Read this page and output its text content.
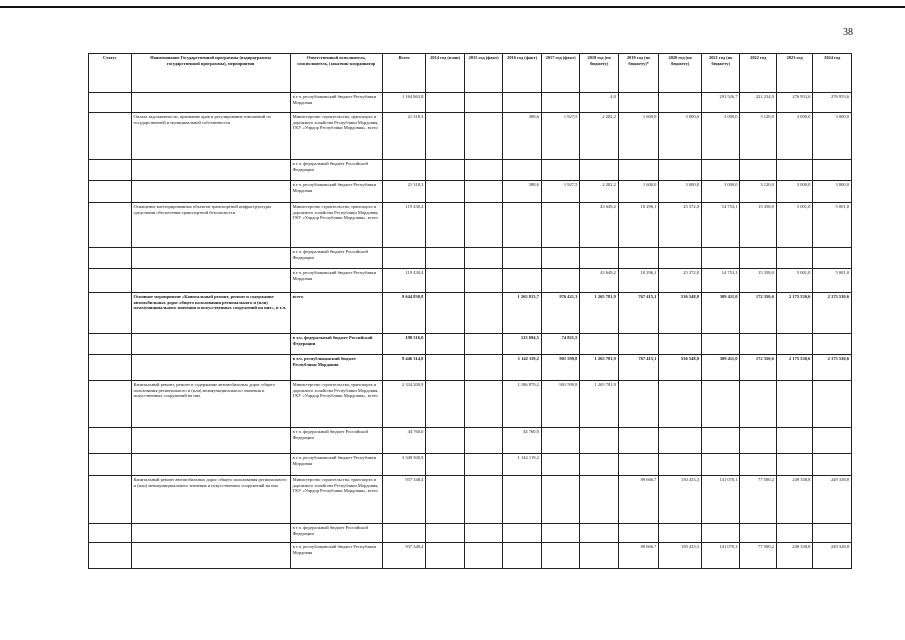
38
Статус	Наименование Государственной программы (подпрограммы государственной программы), мероприятия	Ответственный исполнитель, соисполнитель, (заказчик-координатор	Всего	2014 год (план)	2015 год (факт)	2016 год (факт)	2017 год (факт)	2018 год (по бюджету)	2019 год (по бюджету)*	2020 год (по бюджету)	2021 год (по бюджету)	2022 год	2023 год	2024 год
		в т.ч. республиканский бюджет Республики Мордовия	1 164 863,8					4,0			291 526,7	221 234,9	276 953,6	276 953,6
	Оплата задолженности, признание прав и регулирование отношений по государственной и муниципальной собственности	Министерство строительства, транспорта и дорожного хозяйства Республики Мордовия, ГКУ «Упрдор Республики Мордовия», всего	21 318,3			388,6	1 927,5	2 282,2	1 600,0	3 000,0	3 000,0	3 120,0	3 000,0	3 000,0
		в т.ч. федеральный бюджет Российской Федерации												
		в т.ч. республиканский бюджет Республики Мордовия	21 318,3			388,6	1 927,5	2 282,2	1 600,0	3 000,0	3 000,0	3 120,0	3 000,0	3 000,0
	Оснащение категорированных объектов транспортной инфраструктуры средствами обеспечения транспортной безопасности	Министерство строительства, транспорта и дорожного хозяйства Республики Мордовия, ГКУ «Упрдор Республики Мордовия», всего	119 430,4					43 649,2	10 296,1	25 372,0	14 753,1	15 358,0	5 001,0	5 001,0
		в т.ч. федеральный бюджет Российской Федерации												
		в т.ч. республиканский бюджет Республики Мордовия	119 430,4					43 649,2	10 296,1	25 372,0	14 753,1	15 358,0	5 001,0	5 001,0
	Основное мероприятие «Капитальный ремонт, ремонт и содержание автомобильных дорог общего пользования регионального и (или) межмуниципального значения и искусственных сооружений на них», в т.ч.	всего	9 644 830,8			1 265 813,7	976 421,3	1 265 781,9	767 415,1	536 548,0	309 411,0	172 350,6	2 175 530,6	2 175 530,6
		в т.ч. федеральный бюджет Российской Федерации	198 516,0			123 694,5	74 821,5							
		в т.ч. республиканский бюджет Республики Мордовия	9 446 314,8			1 142 119,2	901 599,8	1 265 781,9	767 415,1	536 548,0	309 411,0	172 350,6	2 175 530,6	2 175 530,6
	Капитальный ремонт, ремонт и содержание автомобильных дорог общего пользования регионального и (или) межмуниципального значения и искусственных сооружений на них	Министерство строительства, транспорта и дорожного хозяйства Республики Мордовия, ГКУ «Упрдор Республики Мордовия», всего	2 334 200,9			1 186 879,2	901 599,8	1 265 781,9						
		в т.ч. федеральный бюджет Российской Федерации	44 760,0			44 760,0								
		в т.ч. республиканский бюджет Республики Мордовия	3 349 500,9			1 142 119,2								
	Капитальный ремонт автомобильных дорог общего пользования регионального и (или) межмуниципального значения и искусственных сооружений на них	Министерство строительства, транспорта и дорожного хозяйства Республики Мордовия, ГКУ «Упрдор Республики Мордовия», всего	937 348,4						89 666,7	150 433,3	141 070,1	77 500,2	249 338,8	249 338,8
		в т.ч. федеральный бюджет Российской Федерации												
		в т.ч. республиканский бюджет Республики Мордовия	937 348,4						89 666,7	150 433,3	141 070,1	77 500,2	249 338,8	249 328,8
